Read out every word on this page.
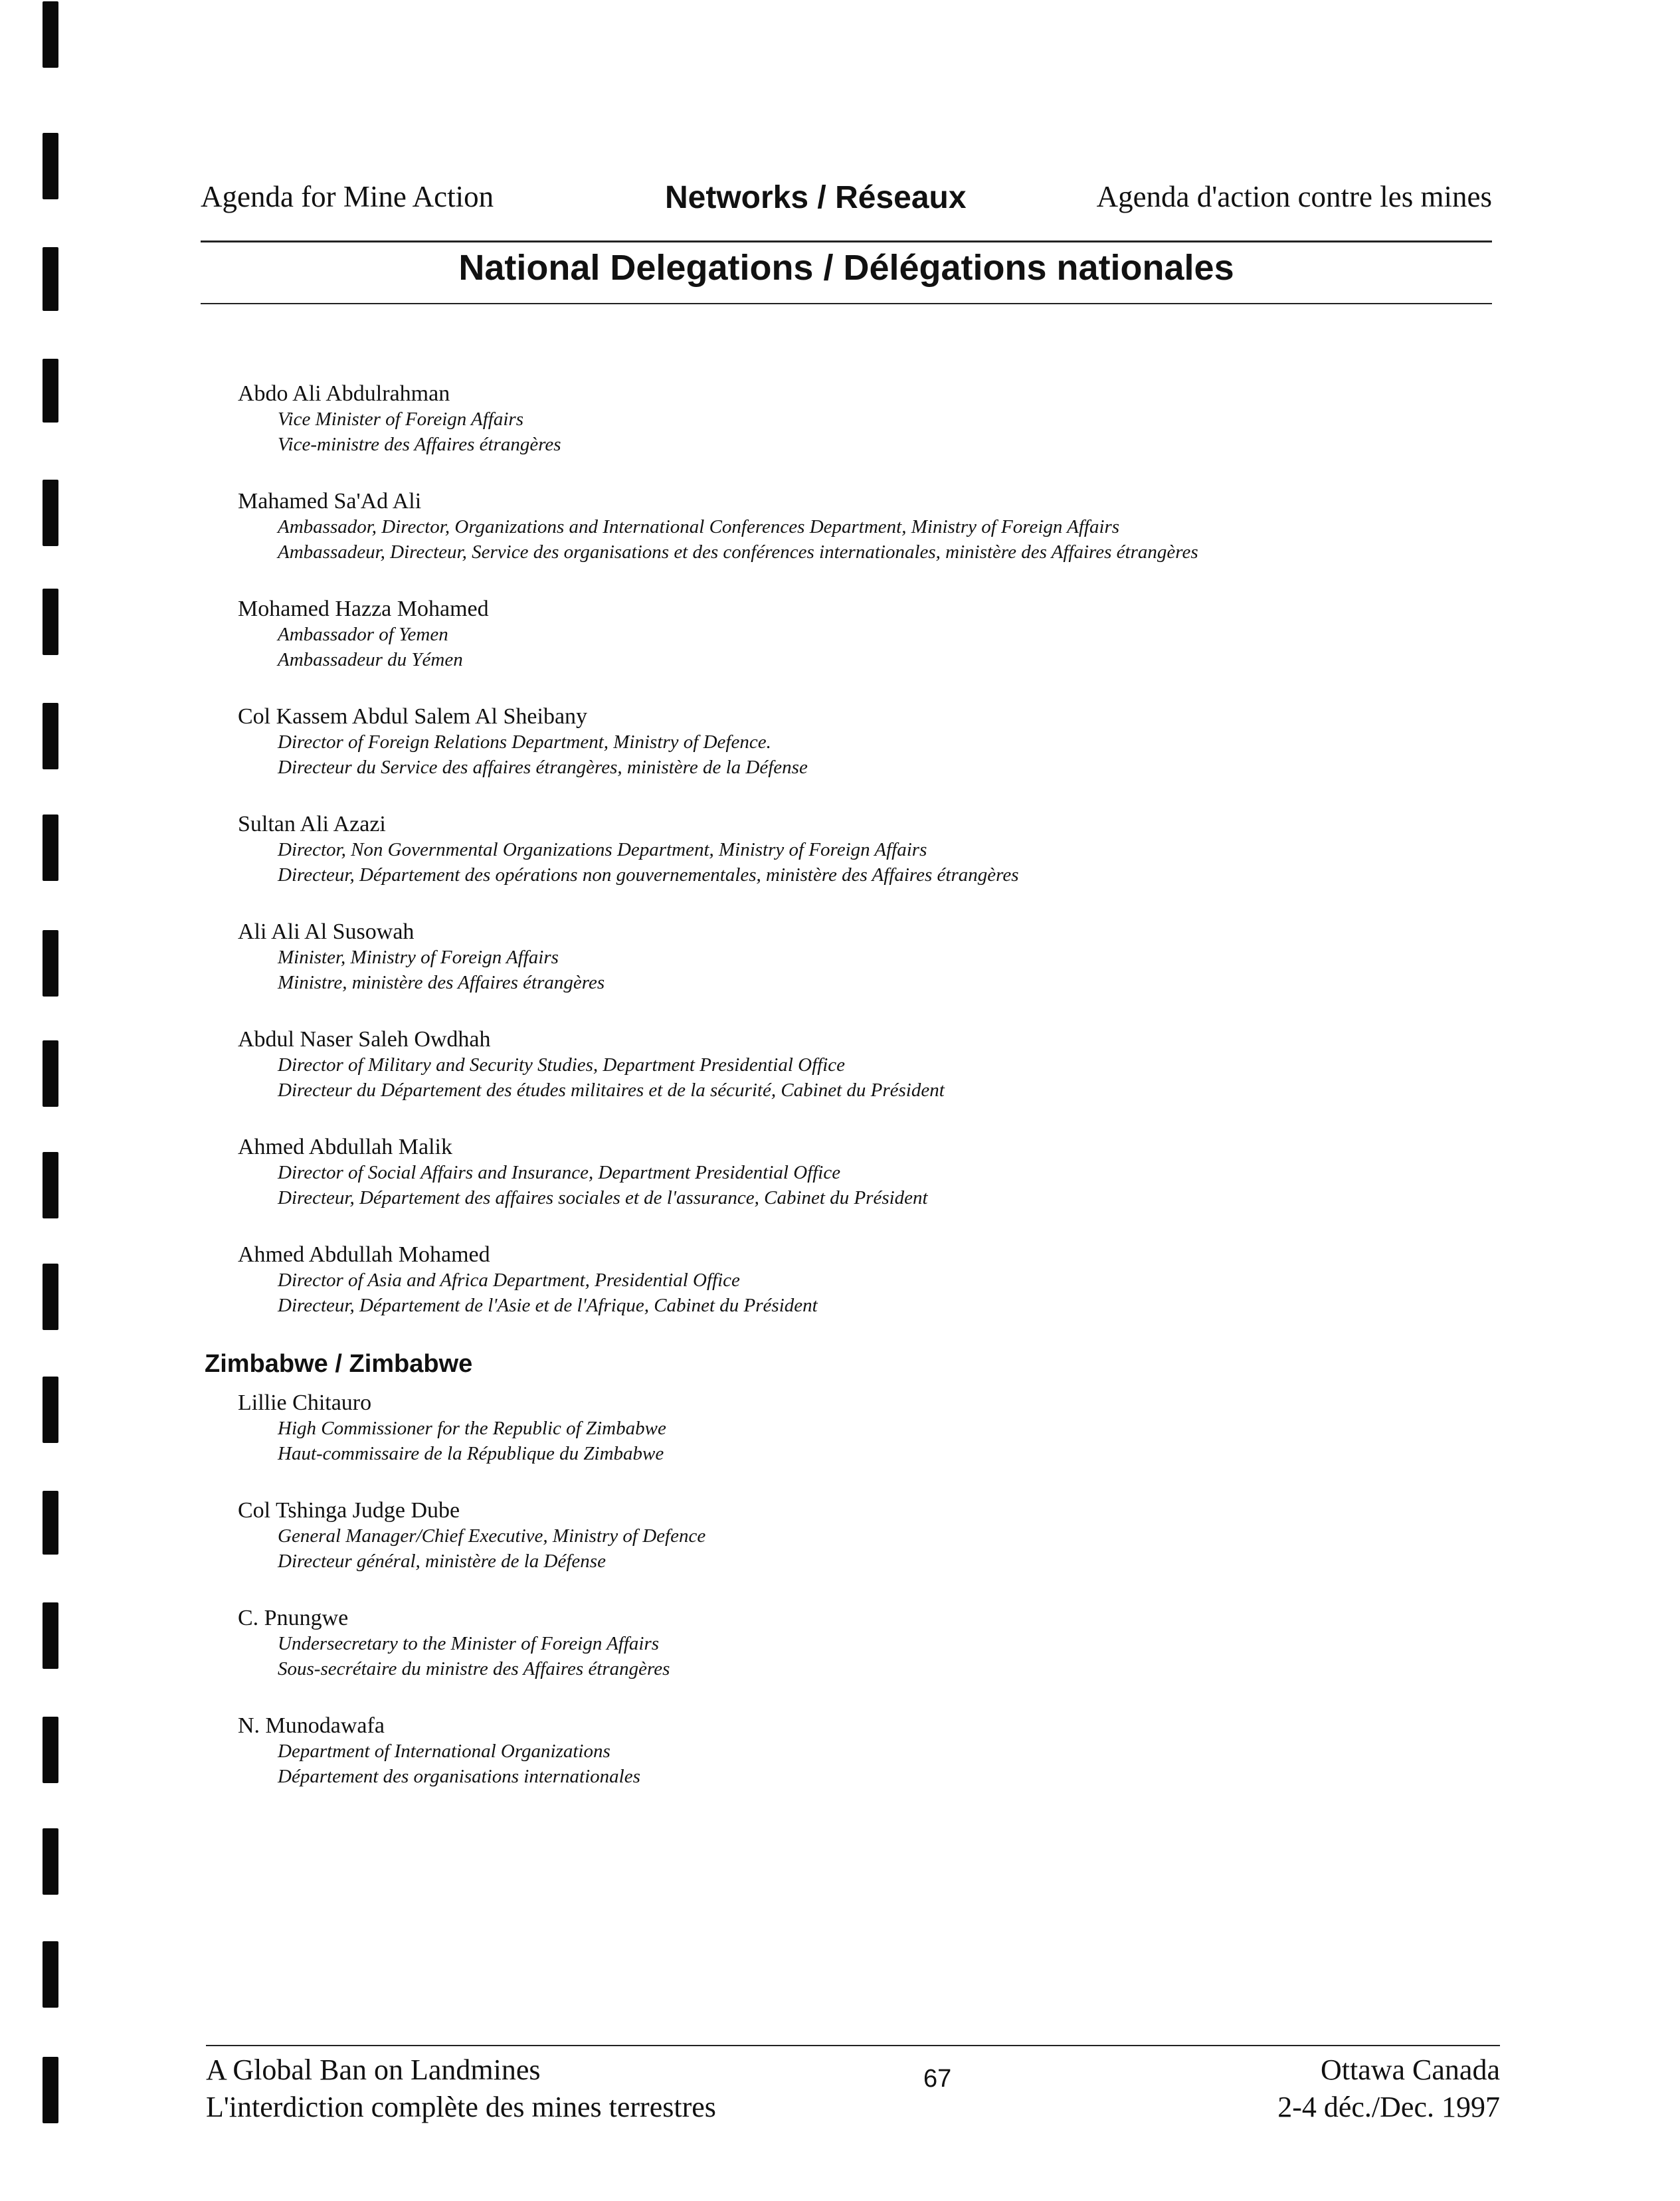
Agenda for Mine Action	Networks / Réseaux	Agenda d'action contre les mines
National Delegations / Délégations nationales
Abdo Ali Abdulrahman
Vice Minister of Foreign Affairs
Vice-ministre des Affaires étrangères
Mahamed Sa'Ad Ali
Ambassador, Director, Organizations and International Conferences Department, Ministry of Foreign Affairs
Ambassadeur, Directeur, Service des organisations et des conférences internationales, ministère des Affaires étrangères
Mohamed Hazza Mohamed
Ambassador of Yemen
Ambassadeur du Yémen
Col Kassem Abdul Salem Al Sheibany
Director of Foreign Relations Department, Ministry of Defence.
Directeur du Service des affaires étrangères, ministère de la Défense
Sultan Ali Azazi
Director, Non Governmental Organizations Department, Ministry of Foreign Affairs
Directeur, Département des opérations non gouvernementales, ministère des Affaires étrangères
Ali Ali Al Susowah
Minister, Ministry of Foreign Affairs
Ministre, ministère des Affaires étrangères
Abdul Naser Saleh Owdhah
Director of Military and Security Studies, Department Presidential Office
Directeur du Département des études militaires et de la sécurité, Cabinet du Président
Ahmed Abdullah Malik
Director of Social Affairs and Insurance, Department Presidential Office
Directeur, Département des affaires sociales et de l'assurance, Cabinet du Président
Ahmed Abdullah Mohamed
Director of Asia and Africa Department, Presidential Office
Directeur, Département de l'Asie et de l'Afrique, Cabinet du Président
Zimbabwe / Zimbabwe
Lillie Chitauro
High Commissioner for the Republic of Zimbabwe
Haut-commissaire de la République du Zimbabwe
Col Tshinga Judge Dube
General Manager/Chief Executive, Ministry of Defence
Directeur général, ministère de la Défense
C. Pnungwe
Undersecretary to the Minister of Foreign Affairs
Sous-secrétaire du ministre des Affaires étrangères
N. Munodawafa
Department of International Organizations
Département des organisations internationales
A Global Ban on Landmines
L'interdiction complète des mines terrestres
67	Ottawa Canada
2-4 déc./Dec. 1997
